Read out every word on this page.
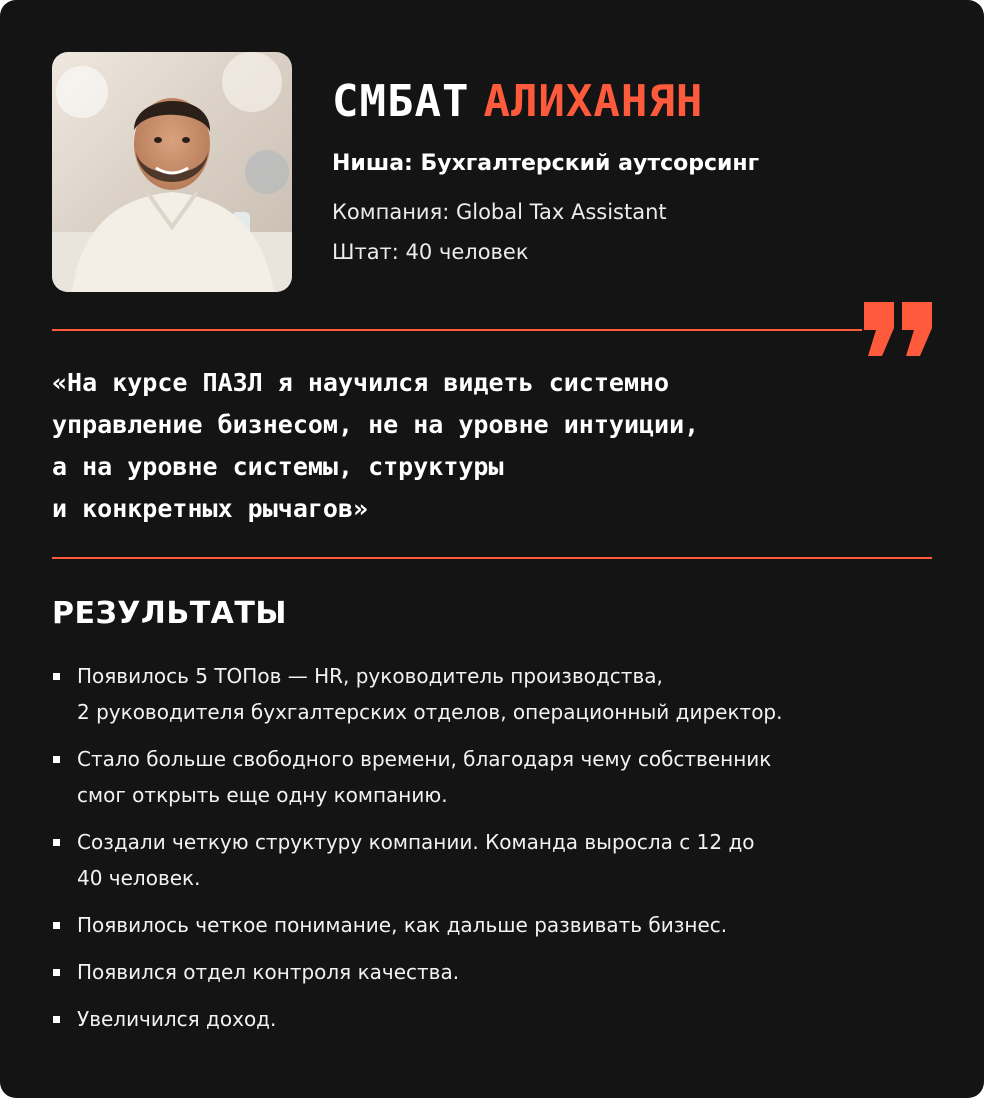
СМБАТ АЛИХАНЯН
Ниша: Бухгалтерский аутсорсинг
Компания: Global Tax Assistant
Штат: 40 человек
«На курсе ПАЗЛ я научился видеть системно
управление бизнесом, не на уровне интуиции,
а на уровне системы, структуры
и конкретных рычагов»
РЕЗУЛЬТАТЫ
Появилось 5 ТОПов — HR, руководитель производства,
2 руководителя бухгалтерских отделов, операционный директор.
Стало больше свободного времени, благодаря чему собственник
смог открыть еще одну компанию.
Создали четкую структуру компании. Команда выросла с 12 до
40 человек.
Появилось четкое понимание, как дальше развивать бизнес.
Появился отдел контроля качества.
Увеличился доход.
